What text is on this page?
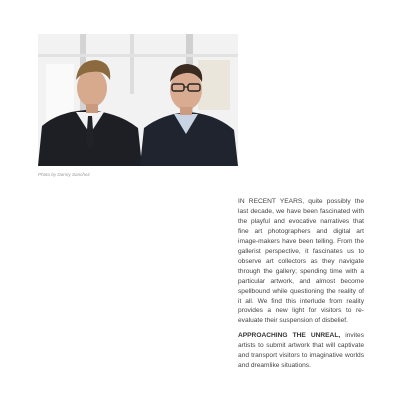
Photo by Danny Sanchez

IN RECENT YEARS, quite possibly the last decade, we have been fascinated with the playful and evocative narratives that fine art photographers and digital art image-makers have been telling. From the gallerist perspective, it fascinates us to observe art collectors as they navigate through the gallery; spending time with a particular artwork, and almost become spellbound while questioning the reality of it all. We find this interlude from reality provides a new light for visitors to re-evaluate their suspension of disbelief.

APPROACHING THE UNREAL, invites artists to submit artwork that will captivate and transport visitors to imaginative worlds and dreamlike situations.
